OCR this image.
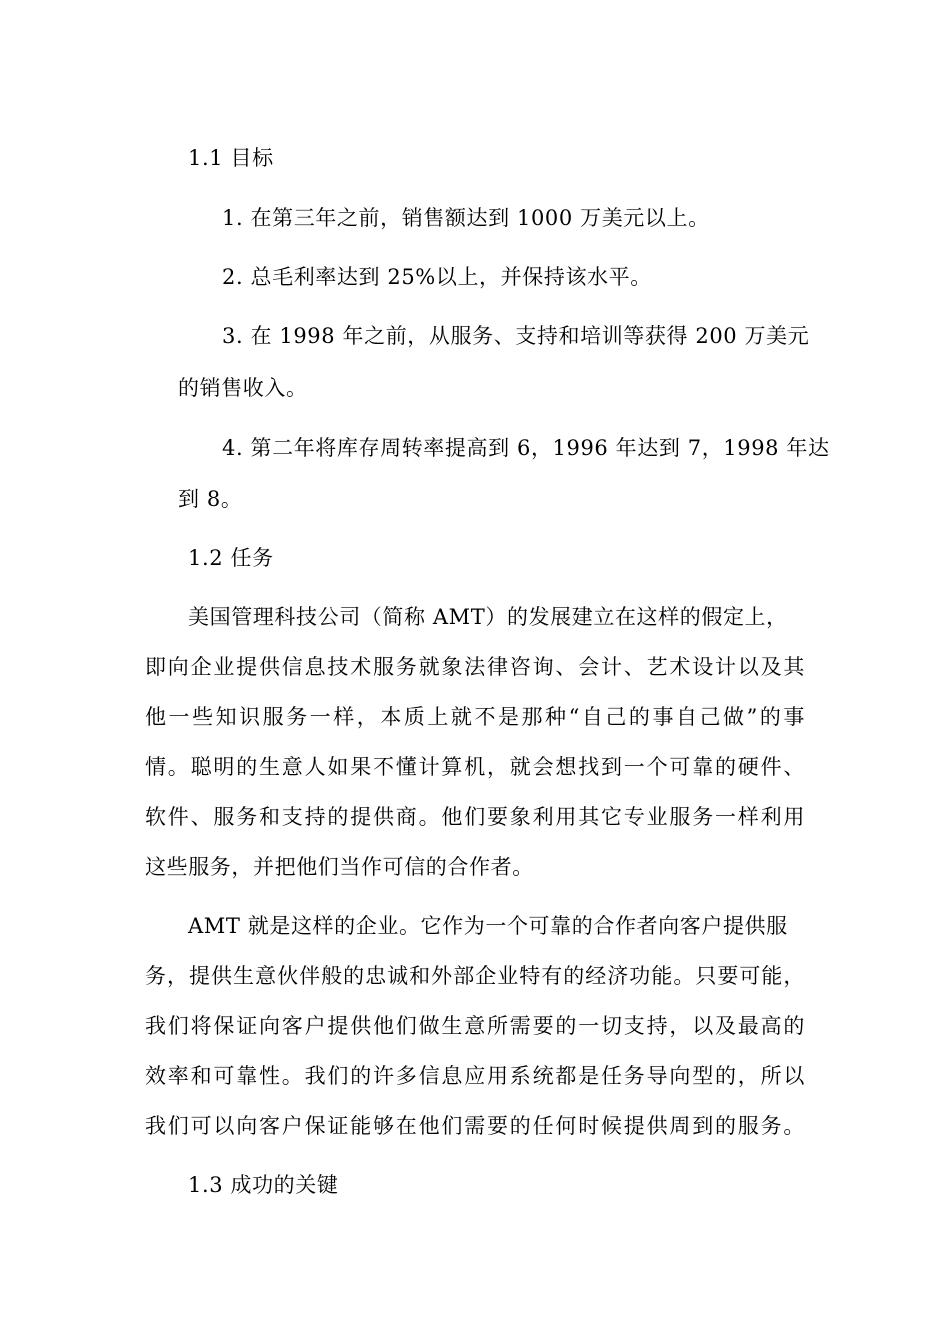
1.1 目标

1. 在第三年之前，销售额达到 1000 万美元以上。

2. 总毛利率达到 25%以上，并保持该水平。

3. 在 1998 年之前，从服务、支持和培训等获得 200 万美元

的销售收入。

4. 第二年将库存周转率提高到 6，1996 年达到 7，1998 年达

到 8。

1.2 任务

美国管理科技公司（简称 AMT）的发展建立在这样的假定上，

即向企业提供信息技术服务就象法律咨询、会计、艺术设计以及其

他一些知识服务一样，本质上就不是那种“自己的事自己做”的事

情。聪明的生意人如果不懂计算机，就会想找到一个可靠的硬件、

软件、服务和支持的提供商。他们要象利用其它专业服务一样利用

这些服务，并把他们当作可信的合作者。

AMT 就是这样的企业。它作为一个可靠的合作者向客户提供服

务，提供生意伙伴般的忠诚和外部企业特有的经济功能。只要可能，

我们将保证向客户提供他们做生意所需要的一切支持，以及最高的

效率和可靠性。我们的许多信息应用系统都是任务导向型的，所以

我们可以向客户保证能够在他们需要的任何时候提供周到的服务。

1.3 成功的关键
